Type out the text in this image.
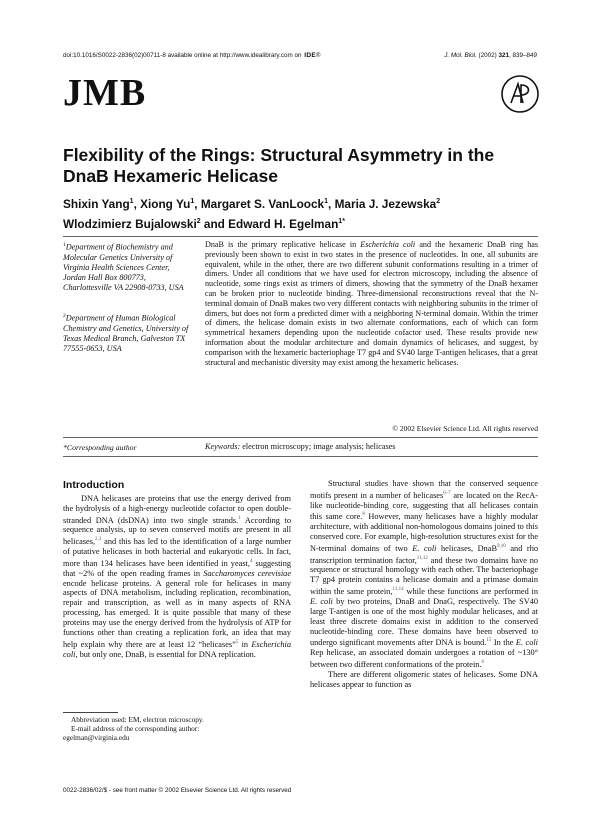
doi:10.1016/S0022-2836(02)00711-8 available online at http://www.idealibrary.com on IDE®	J. Mol. Biol. (2002) 321, 839–849
JMB
Flexibility of the Rings: Structural Asymmetry in the DnaB Hexameric Helicase
Shixin Yang$^1$, Xiong Yu$^1$, Margaret S. VanLoock$^1$, Maria J. Jezewska$^2$
Wlodzimierz Bujalowski$^2$ and Edward H. Egelman$^{1*}$
$^1$Department of Biochemistry and Molecular Genetics University of Virginia Health Sciences Center, Jordan Hall Box 800773, Charlottesville VA 22908-0733, USA
$^2$Department of Human Biological Chemistry and Genetics, University of Texas Medical Branch, Galveston TX 77555-0653, USA
DnaB is the primary replicative helicase in Escherichia coli and the hexameric DnaB ring has previously been shown to exist in two states in the presence of nucleotides. In one, all subunits are equivalent, while in the other, there are two different subunit conformations resulting in a trimer of dimers. Under all conditions that we have used for electron microscopy, including the absence of nucleotide, some rings exist as trimers of dimers, showing that the symmetry of the DnaB hexamer can be broken prior to nucleotide binding. Three-dimensional reconstructions reveal that the N-terminal domain of DnaB makes two very different contacts with neighboring subunits in the trimer of dimers, but does not form a predicted dimer with a neighboring N-terminal domain. Within the trimer of dimers, the helicase domain exists in two alternate conformations, each of which can form symmetrical hexamers depending upon the nucleotide cofactor used. These results provide new information about the modular architecture and domain dynamics of helicases, and suggest, by comparison with the hexameric bacteriophage T7 gp4 and SV40 large T-antigen helicases, that a great structural and mechanistic diversity may exist among the hexameric helicases.
© 2002 Elsevier Science Ltd. All rights reserved
*Corresponding author	Keywords: electron microscopy; image analysis; helicases
Introduction
DNA helicases are proteins that use the energy derived from the hydrolysis of a high-energy nucleotide cofactor to open double-stranded DNA (dsDNA) into two single strands.$^1$ According to sequence analysis, up to seven conserved motifs are present in all helicases,$^{2,3}$ and this has led to the identification of a large number of putative helicases in both bacterial and eukaryotic cells. In fact, more than 134 helicases have been identified in yeast,$^4$ suggesting that ~2% of the open reading frames in Saccharomyces cerevisiae encode helicase proteins. A general role for helicases in many aspects of DNA metabolism, including replication, recombination, repair and transcription, as well as in many aspects of RNA processing, has emerged. It is quite possible that many of these proteins may use the energy derived from the hydrolysis of ATP for functions other than creating a replication fork, an idea that may help explain why there are at least 12 “helicases”$^5$ in Escherichia coli, but only one, DnaB, is essential for DNA replication.
Abbreviation used: EM, electron microscopy.
E-mail address of the corresponding author:
egelman@virginia.edu
Structural studies have shown that the conserved sequence motifs present in a number of helicases$^{6-7}$ are located on the RecA-like nucleotide-binding core, suggesting that all helicases contain this same core.$^8$ However, many helicases have a highly modular architecture, with additional non-homologous domains joined to this conserved core. For example, high-resolution structures exist for the N-terminal domains of two E. coli helicases, DnaB$^{9,10}$ and rho transcription termination factor,$^{11,12}$ and these two domains have no sequence or structural homology with each other. The bacteriophage T7 gp4 protein contains a helicase domain and a primase domain within the same protein,$^{13,14}$ while these functions are performed in E. coli by two proteins, DnaB and DnaG, respectively. The SV40 large T-antigen is one of the most highly modular helicases, and at least three discrete domains exist in addition to the conserved nucleotide-binding core. These domains have been observed to undergo significant movements after DNA is bound.$^{15}$ In the E. coli Rep helicase, an associated domain undergoes a rotation of ~130° between two different conformations of the protein.$^6$
There are different oligomeric states of helicases. Some DNA helicases appear to function as
0022-2836/02/$ - see front matter © 2002 Elsevier Science Ltd. All rights reserved
